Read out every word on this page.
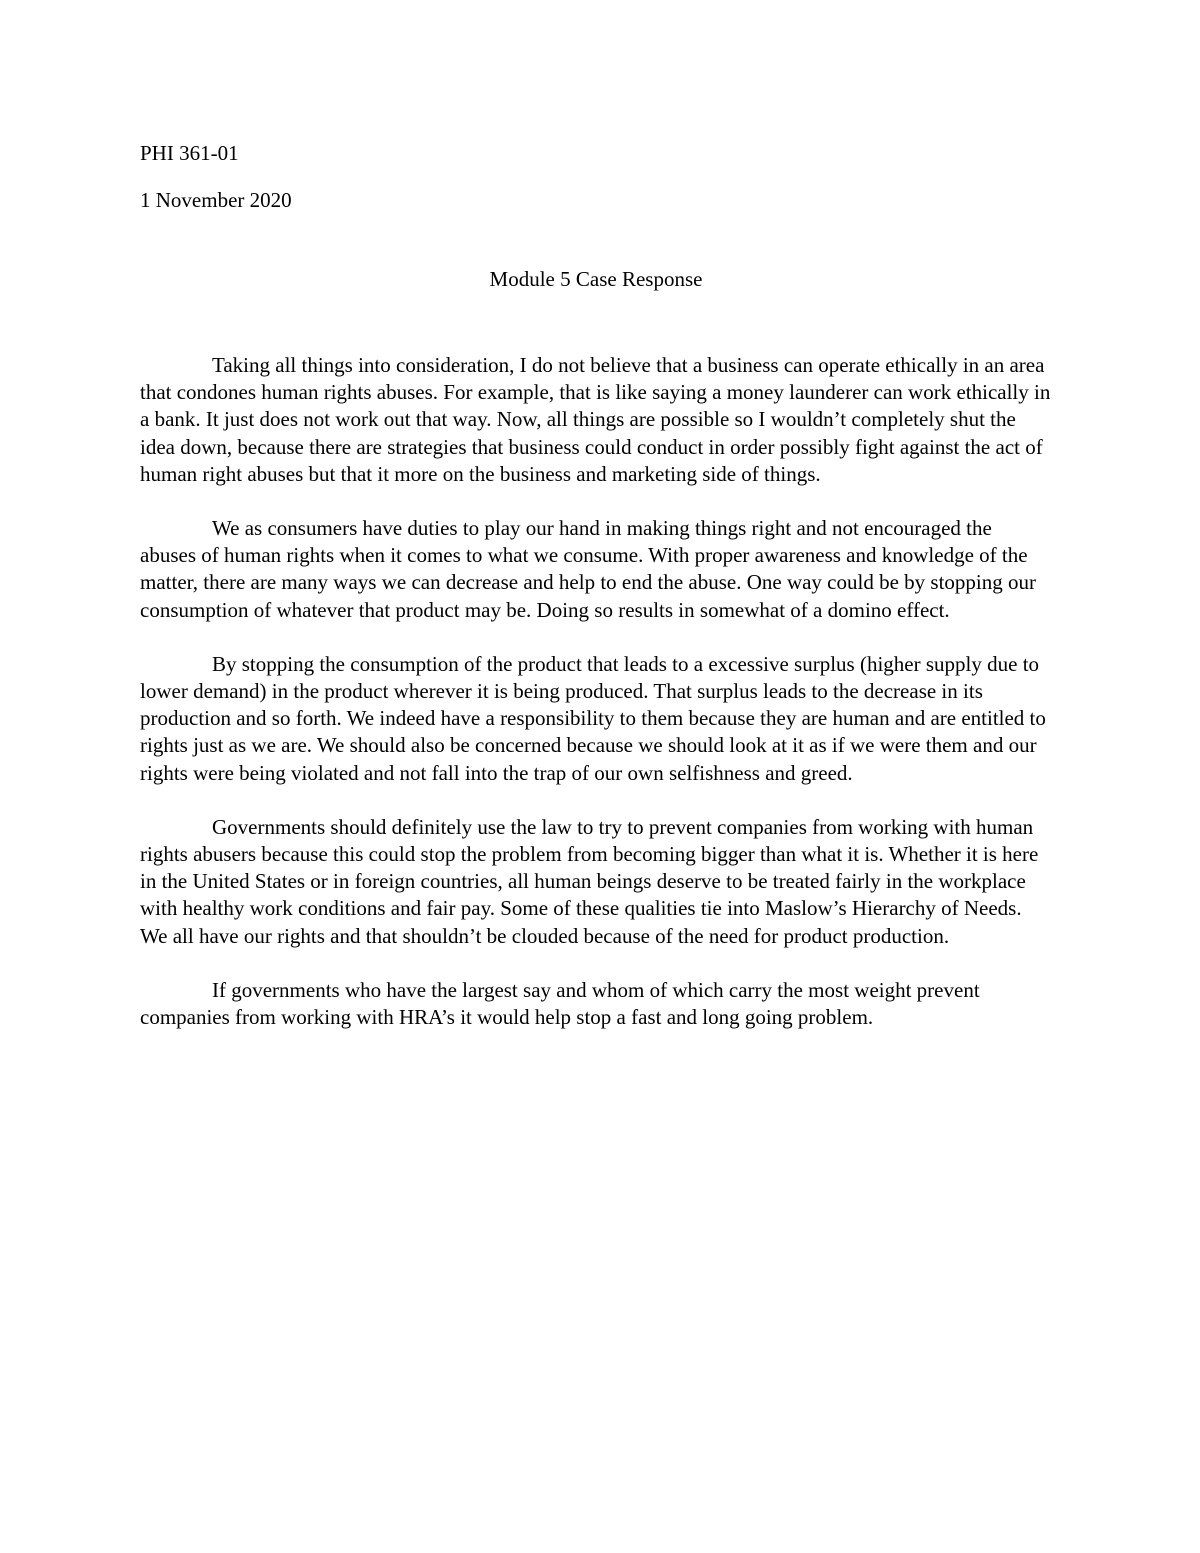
PHI 361-01

1 November 2020

Module 5 Case Response

Taking all things into consideration, I do not believe that a business can operate ethically in an area that condones human rights abuses. For example, that is like saying a money launderer can work ethically in a bank. It just does not work out that way. Now, all things are possible so I wouldn’t completely shut the idea down, because there are strategies that business could conduct in order possibly fight against the act of human right abuses but that it more on the business and marketing side of things.

We as consumers have duties to play our hand in making things right and not encouraged the abuses of human rights when it comes to what we consume. With proper awareness and knowledge of the matter, there are many ways we can decrease and help to end the abuse. One way could be by stopping our consumption of whatever that product may be. Doing so results in somewhat of a domino effect.

By stopping the consumption of the product that leads to a excessive surplus (higher supply due to lower demand) in the product wherever it is being produced. That surplus leads to the decrease in its production and so forth. We indeed have a responsibility to them because they are human and are entitled to rights just as we are. We should also be concerned because we should look at it as if we were them and our rights were being violated and not fall into the trap of our own selfishness and greed.

Governments should definitely use the law to try to prevent companies from working with human rights abusers because this could stop the problem from becoming bigger than what it is. Whether it is here in the United States or in foreign countries, all human beings deserve to be treated fairly in the workplace with healthy work conditions and fair pay. Some of these qualities tie into Maslow’s Hierarchy of Needs. We all have our rights and that shouldn’t be clouded because of the need for product production.

If governments who have the largest say and whom of which carry the most weight prevent companies from working with HRA’s it would help stop a fast and long going problem.
